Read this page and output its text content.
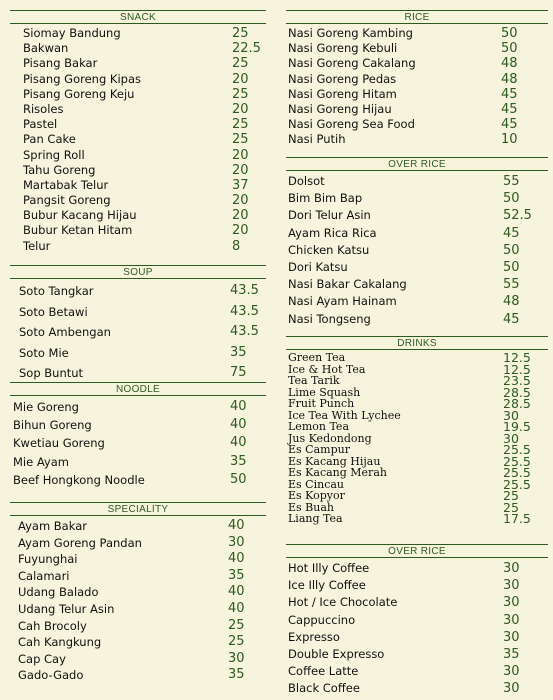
SNACK
Siomay Bandung	25
Bakwan	22.5
Pisang Bakar	25
Pisang Goreng Kipas	20
Pisang Goreng Keju	25
Risoles	20
Pastel	25
Pan Cake	25
Spring Roll	20
Tahu Goreng	20
Martabak Telur	37
Pangsit Goreng	20
Bubur Kacang Hijau	20
Bubur Ketan Hitam	20
Telur	8
SOUP
Soto Tangkar	43.5
Soto Betawi	43.5
Soto Ambengan	43.5
Soto Mie	35
Sop Buntut	75
NOODLE
Mie Goreng	40
Bihun Goreng	40
Kwetiau Goreng	40
Mie Ayam	35
Beef Hongkong Noodle	50
SPECIALITY
Ayam Bakar	40
Ayam Goreng Pandan	30
Fuyunghai	40
Calamari	35
Udang Balado	40
Udang Telur Asin	40
Cah Brocoly	25
Cah Kangkung	25
Cap Cay	30
Gado-Gado	35
RICE
Nasi Goreng Kambing	50
Nasi Goreng Kebuli	50
Nasi Goreng Cakalang	48
Nasi Goreng Pedas	48
Nasi Goreng Hitam	45
Nasi Goreng Hijau	45
Nasi Goreng Sea Food	45
Nasi Putih	10
OVER RICE
Dolsot	55
Bim Bim Bap	50
Dori Telur Asin	52.5
Ayam Rica Rica	45
Chicken Katsu	50
Dori Katsu	50
Nasi Bakar Cakalang	55
Nasi Ayam Hainam	48
Nasi Tongseng	45
DRINKS
Green Tea	12.5
Ice & Hot Tea	12.5
Tea Tarik	23.5
Lime Squash	28.5
Fruit Punch	28.5
Ice Tea With Lychee	30
Lemon Tea	19.5
Jus Kedondong	30
Es Campur	25.5
Es Kacang Hijau	25.5
Es Kacang Merah	25.5
Es Cincau	25.5
Es Kopyor	25
Es Buah	25
Liang Tea	17.5
OVER RICE
Hot Illy Coffee	30
Ice Illy Coffee	30
Hot / Ice Chocolate	30
Cappuccino	30
Expresso	30
Double Expresso	35
Coffee Latte	30
Black Coffee	30
